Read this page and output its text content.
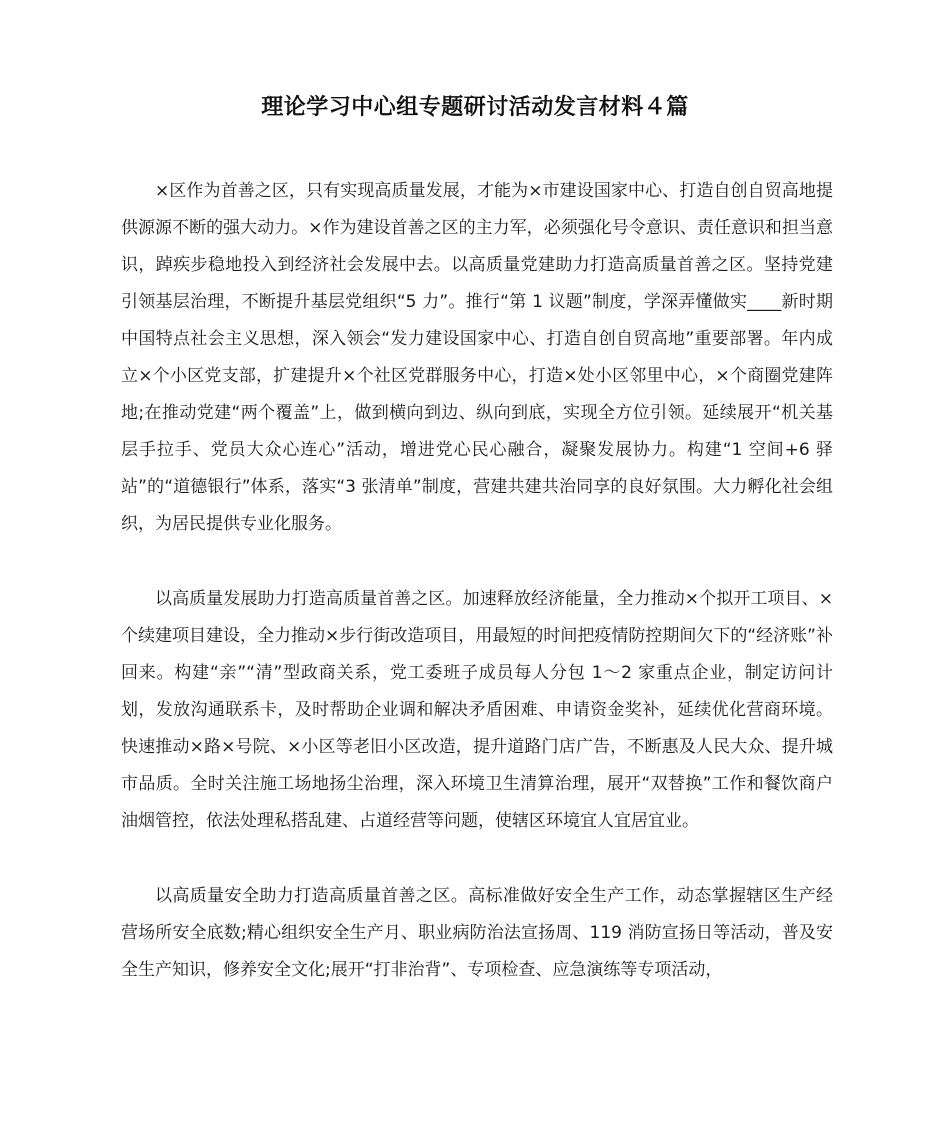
理论学习中心组专题研讨活动发言材料４篇

×区作为首善之区，只有实现高质量发展，才能为×市建设国家中心、打造自创自贸高地提供源源不断的强大动力。×作为建设首善之区的主力军，必须强化号令意识、责任意识和担当意识，踔疾步稳地投入到经济社会发展中去。以高质量党建助力打造高质量首善之区。坚持党建引领基层治理，不断提升基层党组织“5 力”。推行“第 1 议题”制度，学深弄懂做实____新时期中国特点社会主义思想，深入领会“发力建设国家中心、打造自创自贸高地”重要部署。年内成立×个小区党支部，扩建提升×个社区党群服务中心，打造×处小区邻里中心，×个商圈党建阵地;在推动党建“两个覆盖”上，做到横向到边、纵向到底，实现全方位引领。延续展开“机关基层手拉手、党员大众心连心”活动，增进党心民心融合，凝聚发展协力。构建“1 空间+6 驿站”的“道德银行”体系，落实“3 张清单”制度，营建共建共治同享的良好氛围。大力孵化社会组织，为居民提供专业化服务。

以高质量发展助力打造高质量首善之区。加速释放经济能量，全力推动×个拟开工项目、×个续建项目建设，全力推动×步行街改造项目，用最短的时间把疫情防控期间欠下的“经济账”补回来。构建“亲”“清”型政商关系，党工委班子成员每人分包 1～2 家重点企业，制定访问计划，发放沟通联系卡，及时帮助企业调和解决矛盾困难、申请资金奖补，延续优化营商环境。快速推动×路×号院、×小区等老旧小区改造，提升道路门店广告，不断惠及人民大众、提升城市品质。全时关注施工场地扬尘治理，深入环境卫生清算治理，展开“双替换”工作和餐饮商户油烟管控，依法处理私搭乱建、占道经营等问题，使辖区环境宜人宜居宜业。

以高质量安全助力打造高质量首善之区。高标准做好安全生产工作，动态掌握辖区生产经营场所安全底数;精心组织安全生产月、职业病防治法宣扬周、119 消防宣扬日等活动，普及安全生产知识，修养安全文化;展开“打非治背”、专项检查、应急演练等专项活动，
